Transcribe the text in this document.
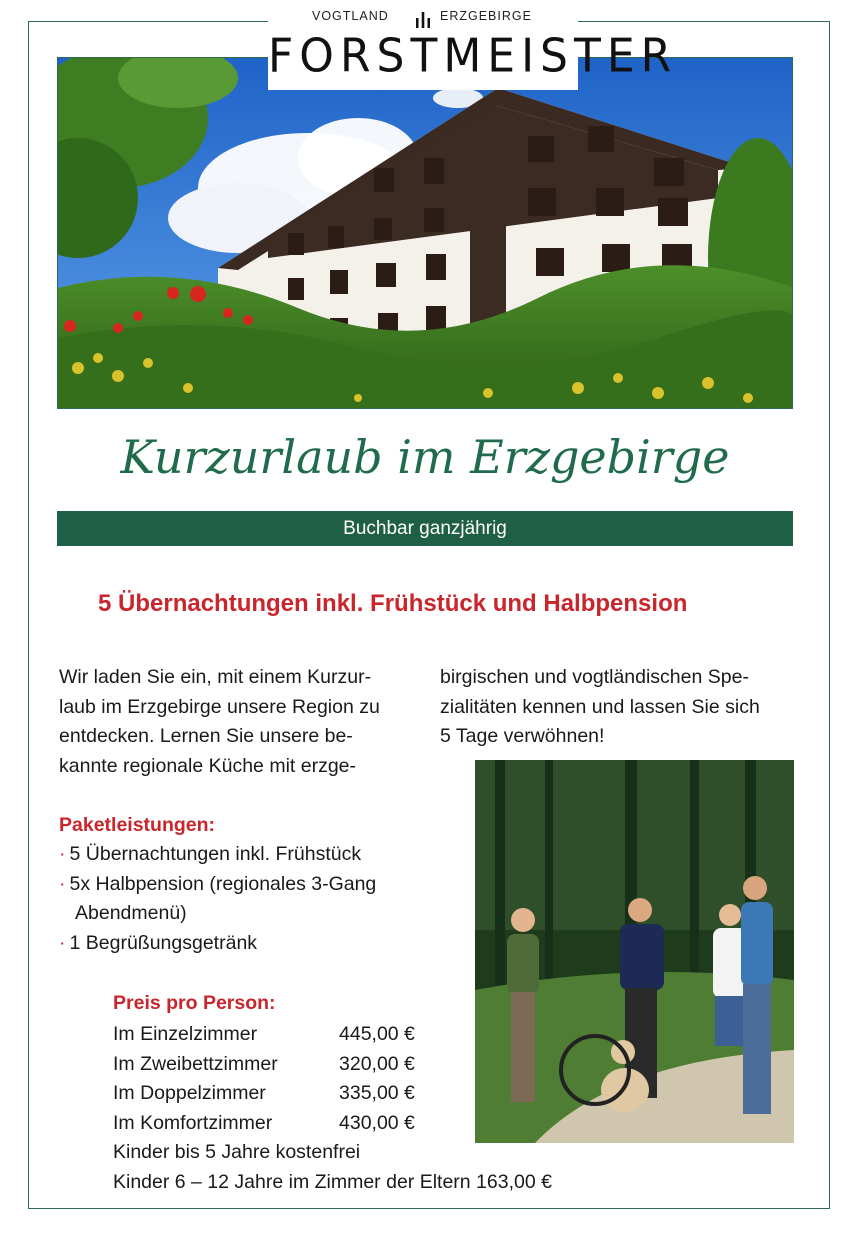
VOGTLAND	ERZGEBIRGE
FORSTMEISTER
Kurzurlaub im Erzgebirge
Buchbar ganzjährig
5 Übernachtungen inkl. Frühstück und Halbpension
Wir laden Sie ein, mit einem Kurzur-
laub im Erzgebirge unsere Region zu
entdecken. Lernen Sie unsere be-
kannte regionale Küche mit erzge-
birgischen und vogtländischen Spe-
zialitäten kennen und lassen Sie sich
5 Tage verwöhnen!
Paketleistungen:
· 5 Übernachtungen inkl. Frühstück
· 5x Halbpension (regionales 3-Gang
Abendmenü)
· 1 Begrüßungsgetränk
Preis pro Person:
Im Einzelzimmer	445,00 €
Im Zweibettzimmer	320,00 €
Im Doppelzimmer	335,00 €
Im Komfortzimmer	430,00 €
Kinder bis 5 Jahre kostenfrei
Kinder 6 – 12 Jahre im Zimmer der Eltern 163,00 €
